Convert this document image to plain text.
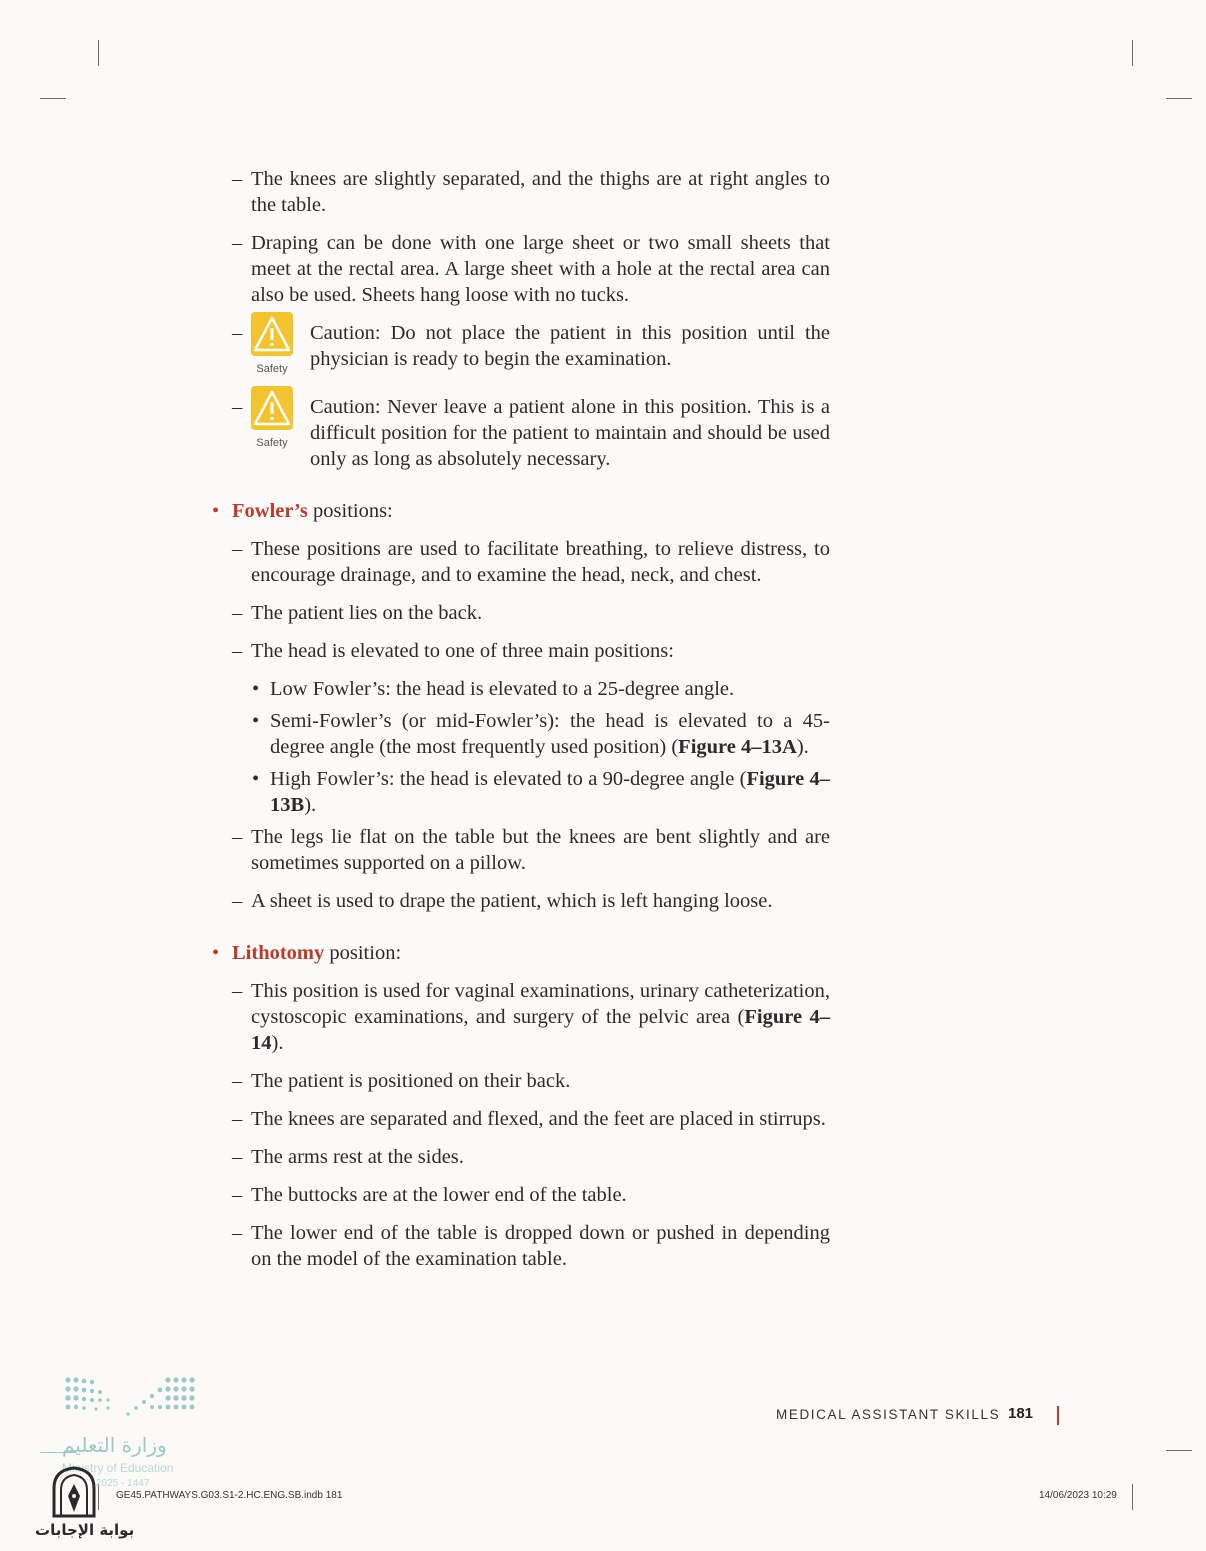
– The knees are slightly separated, and the thighs are at right angles to the table.
– Draping can be done with one large sheet or two small sheets that meet at the rectal area. A large sheet with a hole at the rectal area can also be used. Sheets hang loose with no tucks.
–
Safety
Caution: Do not place the patient in this position until the physician is ready to begin the examination.
–
Safety
Caution: Never leave a patient alone in this position. This is a difficult position for the patient to maintain and should be used only as long as absolutely necessary.
• Fowler’s positions:
– These positions are used to facilitate breathing, to relieve distress, to encourage drainage, and to examine the head, neck, and chest.
– The patient lies on the back.
– The head is elevated to one of three main positions:
• Low Fowler’s: the head is elevated to a 25-degree angle.
• Semi-Fowler’s (or mid-Fowler’s): the head is elevated to a 45-degree angle (the most frequently used position) (Figure 4–13A).
• High Fowler’s: the head is elevated to a 90-degree angle (Figure 4–13B).
– The legs lie flat on the table but the knees are bent slightly and are sometimes supported on a pillow.
– A sheet is used to drape the patient, which is left hanging loose.
• Lithotomy position:
– This position is used for vaginal examinations, urinary catheterization, cystoscopic examinations, and surgery of the pelvic area (Figure 4–14).
– The patient is positioned on their back.
– The knees are separated and flexed, and the feet are placed in stirrups.
– The arms rest at the sides.
– The buttocks are at the lower end of the table.
– The lower end of the table is dropped down or pushed in depending on the model of the examination table.
MEDICAL ASSISTANT SKILLS 181
GE45.PATHWAYS.G03.S1-2.HC.ENG.SB.indb 181	14/06/2023 10:29
وزارة التعليم
Ministry of Education
2025 - 1447
بوابة الإجابات
